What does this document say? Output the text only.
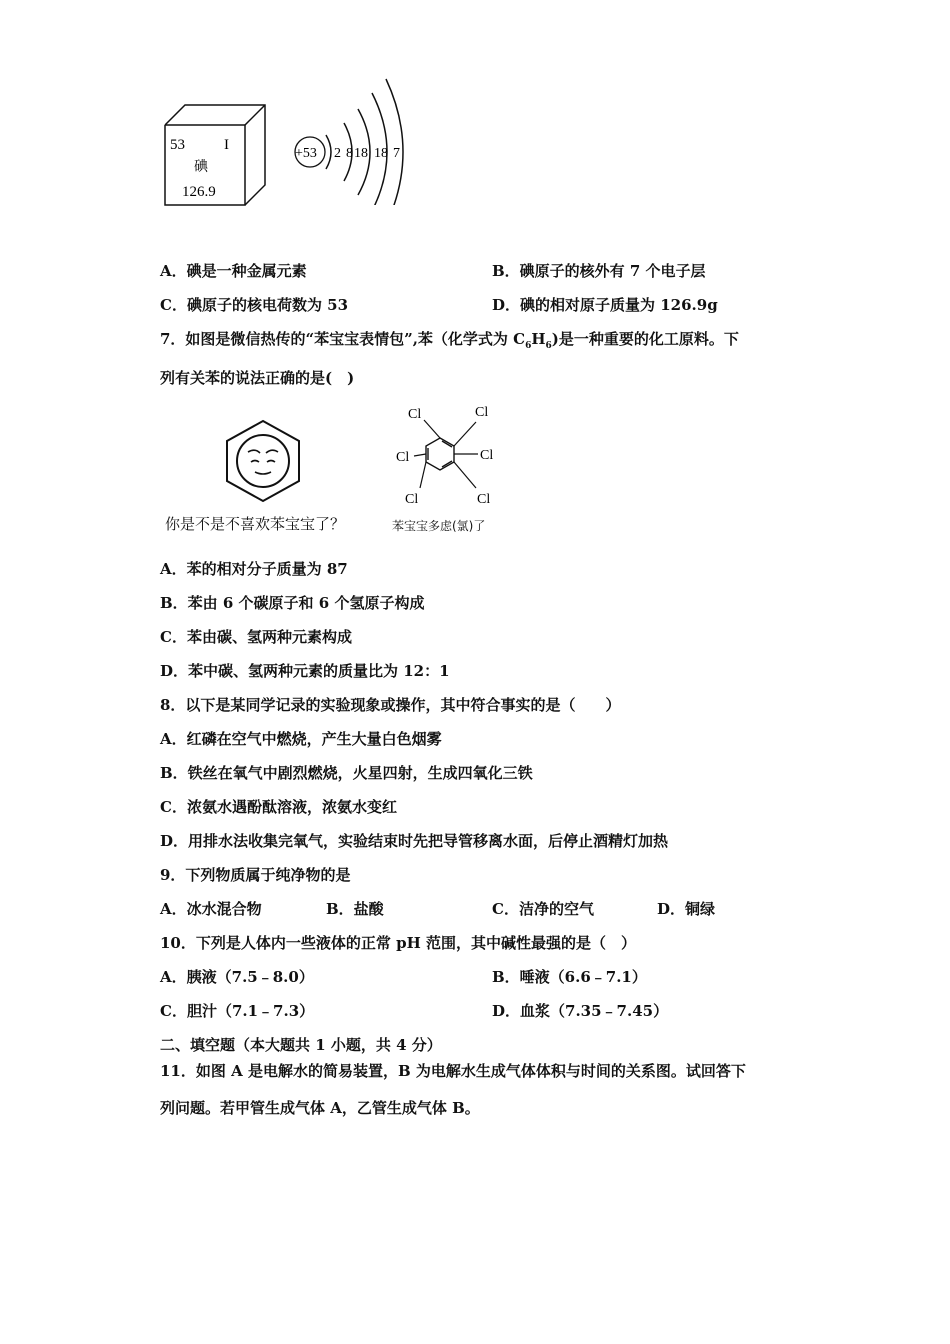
53	I
碘
126.9
+53 2 8 18 18 7
A．碘是一种金属元素	B．碘原子的核外有 7 个电子层
C．碘原子的核电荷数为 53	D．碘的相对原子质量为 126.9g
7．如图是微信热传的“苯宝宝表情包”,苯（化学式为 $C_6H_6$)是一种重要的化工原料。下
列有关苯的说法正确的是(　)
你是不是不喜欢苯宝宝了？
Cl	Cl
Cl	Cl
Cl	Cl
苯宝宝多虑(氯)了
A．苯的相对分子质量为 87
B．苯由 6 个碳原子和 6 个氢原子构成
C．苯由碳、氢两种元素构成
D．苯中碳、氢两种元素的质量比为 12：1
8．以下是某同学记录的实验现象或操作，其中符合事实的是（　　）
A．红磷在空气中燃烧，产生大量白色烟雾
B．铁丝在氧气中剧烈燃烧，火星四射，生成四氧化三铁
C．浓氨水遇酚酞溶液，浓氨水变红
D．用排水法收集完氧气，实验结束时先把导管移离水面，后停止酒精灯加热
9．下列物质属于纯净物的是
A．冰水混合物	B．盐酸	C．洁净的空气	D．铜绿
10．下列是人体内一些液体的正常 pH 范围，其中碱性最强的是（　）
A．胰液（7.5﹣8.0）	B．唾液（6.6﹣7.1）
C．胆汁（7.1﹣7.3）	D．血浆（7.35﹣7.45）
二、填空题（本大题共 1 小题，共 4 分）
11．如图 A 是电解水的简易装置，B 为电解水生成气体体积与时间的关系图。试回答下
列问题。若甲管生成气体 A，乙管生成气体 B。
